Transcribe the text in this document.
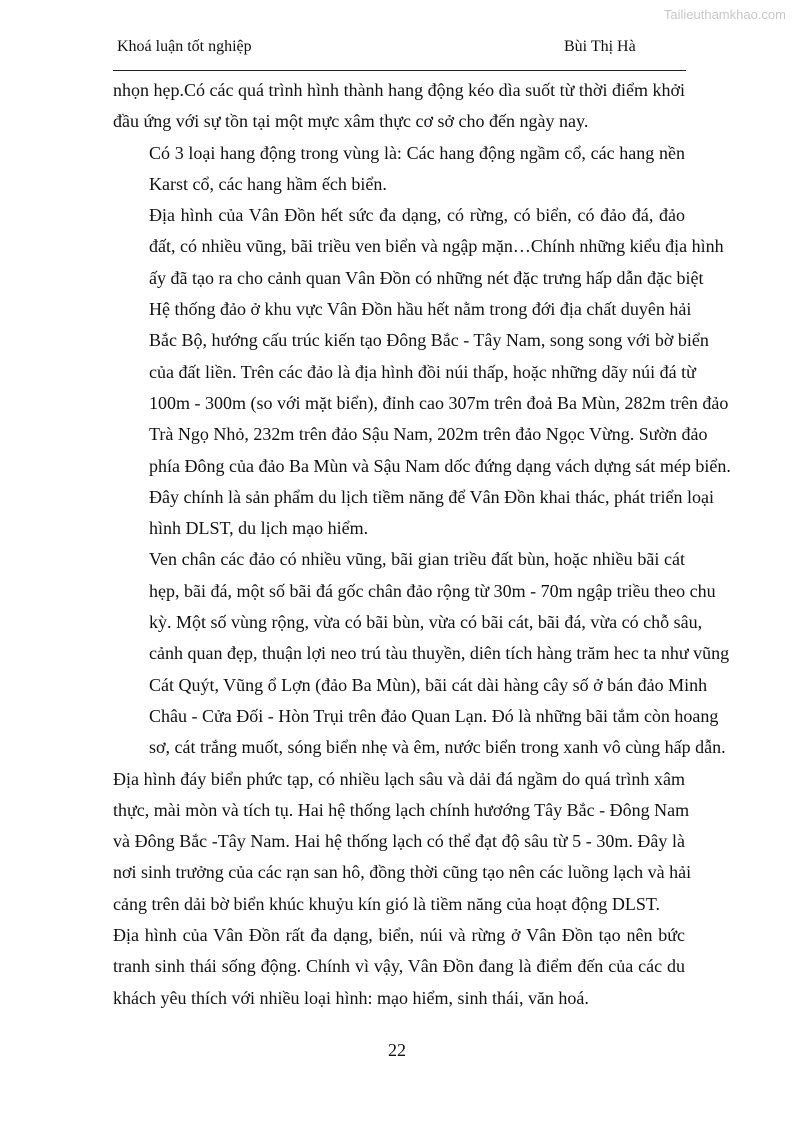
Tailieuthamkhao.com
Khoá luận tốt nghiệp	Bùi Thị Hà

nhọn hẹp.Có các quá trình hình thành hang động kéo dìa suốt từ thời điểm khởi
đầu ứng với sự tồn tại một mực xâm thực cơ sở cho đến ngày nay.

Có 3 loại hang động trong vùng là: Các hang động ngầm cổ, các hang nền
Karst cổ, các hang hầm ếch biển.

Địa hình của Vân Đồn hết sức đa dạng, có rừng, có biển, có đảo đá, đảo
đất, có nhiều vũng, bãi triều ven biển và ngập mặn…Chính những kiểu địa hình
ấy đã tạo ra cho cảnh quan Vân Đồn có những nét đặc trưng hấp dẫn đặc biệt

Hệ thống đảo ở khu vực Vân Đồn hầu hết nằm trong đới địa chất duyên hải
Bắc Bộ, hướng cấu trúc kiến tạo Đông Bắc - Tây Nam, song song với bờ biển
của đất liền. Trên các đảo là địa hình đồi núi thấp, hoặc những dãy núi đá từ
100m - 300m (so với mặt biển), đỉnh cao 307m trên đoả Ba Mùn, 282m trên đảo
Trà Ngọ Nhỏ, 232m trên đảo Sậu Nam, 202m trên đảo Ngọc Vừng. Sườn đảo
phía Đông của đảo Ba Mùn và Sậu Nam dốc đứng dạng vách dựng sát mép biển.
Đây chính là sản phẩm du lịch tiềm năng để Vân Đồn khai thác, phát triển loại
hình DLST, du lịch mạo hiểm.

Ven chân các đảo có nhiều vũng, bãi gian triều đất bùn, hoặc nhiều bãi cát
hẹp, bãi đá, một số bãi đá gốc chân đảo rộng từ 30m - 70m ngập triều theo chu
kỳ. Một số vùng rộng, vừa có bãi bùn, vừa có bãi cát, bãi đá, vừa có chỗ sâu,
cảnh quan đẹp, thuận lợi neo trú tàu thuyền, diên tích hàng trăm hec ta như vũng
Cát Quýt, Vũng ổ Lợn (đảo Ba Mùn), bãi cát dài hàng cây số ở bán đảo Minh
Châu - Cửa Đối - Hòn Trụi trên đảo Quan Lạn. Đó là những bãi tắm còn hoang
sơ, cát trắng muốt, sóng biển nhẹ và êm, nước biển trong xanh vô cùng hấp dẫn.

Địa hình đáy biển phức tạp, có nhiều lạch sâu và dải đá ngầm do quá trình xâm
thực, mài mòn và tích tụ. Hai hệ thống lạch chính hươớng Tây Bắc - Đông Nam
và Đông Bắc -Tây Nam. Hai hệ thống lạch có thể đạt độ sâu từ 5 - 30m. Đây là
nơi sinh trưởng của các rạn san hô, đồng thời cũng tạo nên các luồng lạch và hải
cảng trên dải bờ biển khúc khuỷu kín gió là tiềm năng của hoạt động DLST.

Địa hình của Vân Đồn rất đa dạng, biển, núi và rừng ở Vân Đồn tạo nên bức
tranh sinh thái sống động. Chính vì vậy, Vân Đồn đang là điểm đến của các du
khách yêu thích với nhiều loại hình: mạo hiểm, sinh thái, văn hoá.

22
